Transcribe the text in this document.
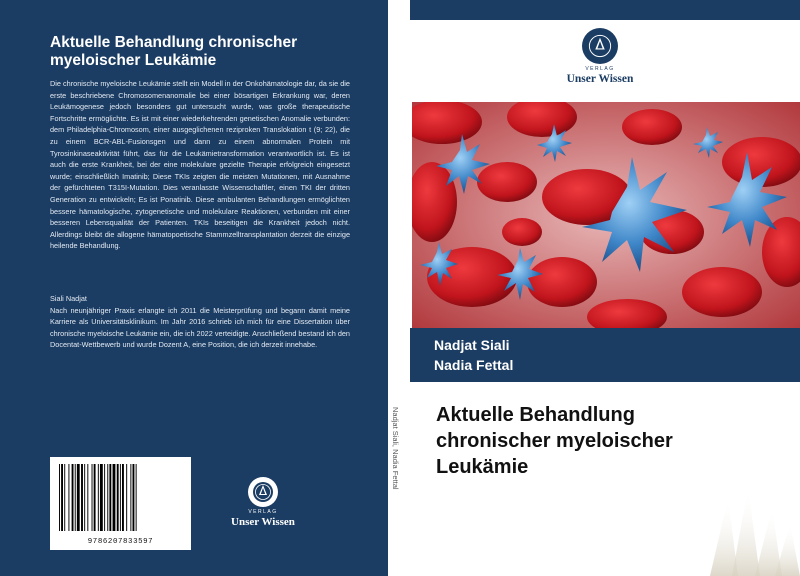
Aktuelle Behandlung chronischer
myeloischer Leukämie
Die chronische myeloische Leukämie stellt ein Modell in der Onkohämatologie dar, da sie die erste beschriebene Chromosomenanomalie bei einer bösartigen Erkrankung war, deren Leukämogenese jedoch besonders gut untersucht wurde, was große therapeutische Fortschritte ermöglichte. Es ist mit einer wiederkehrenden genetischen Anomalie verbunden: dem Philadelphia-Chromosom, einer ausgeglichenen reziproken Translokation t (9; 22), die zu einem BCR-ABL-Fusionsgen und dann zu einem abnormalen Protein mit Tyrosinkinaseaktivität führt, das für die Leukämietransformation verantwortlich ist. Es ist auch die erste Krankheit, bei der eine molekulare gezielte Therapie erfolgreich eingesetzt wurde; einschließlich Imatinib; Diese TKIs zeigten die meisten Mutationen, mit Ausnahme der gefürchteten T315I-Mutation. Dies veranlasste Wissenschaftler, einen TKI der dritten Generation zu entwickeln; Es ist Ponatinib. Diese ambulanten Behandlungen ermöglichten bessere hämatologische, zytogenetische und molekulare Reaktionen, verbunden mit einer besseren Lebensqualität der Patienten. TKIs beseitigen die Krankheit jedoch nicht. Allerdings bleibt die allogene hämatopoetische Stammzelltransplantation derzeit die einzige heilende Behandlung.
Siali Nadjat
Nach neunjähriger Praxis erlangte ich 2011 die Meisterprüfung und begann damit meine Karriere als Universitätsklinikum. Im Jahr 2016 schrieb ich mich für eine Dissertation über chronische myeloische Leukämie ein, die ich 2022 verteidigte. Anschließend bestand ich den Docentat-Wettbewerb und wurde Dozent A, eine Position, die ich derzeit innehabe.
9786207833597
VERLAG
Unser Wissen
Nadjat Siali, Nadia Fettal
VERLAG
Unser Wissen
Nadjat Siali
Nadia Fettal
Aktuelle Behandlung
chronischer myeloischer
Leukämie
